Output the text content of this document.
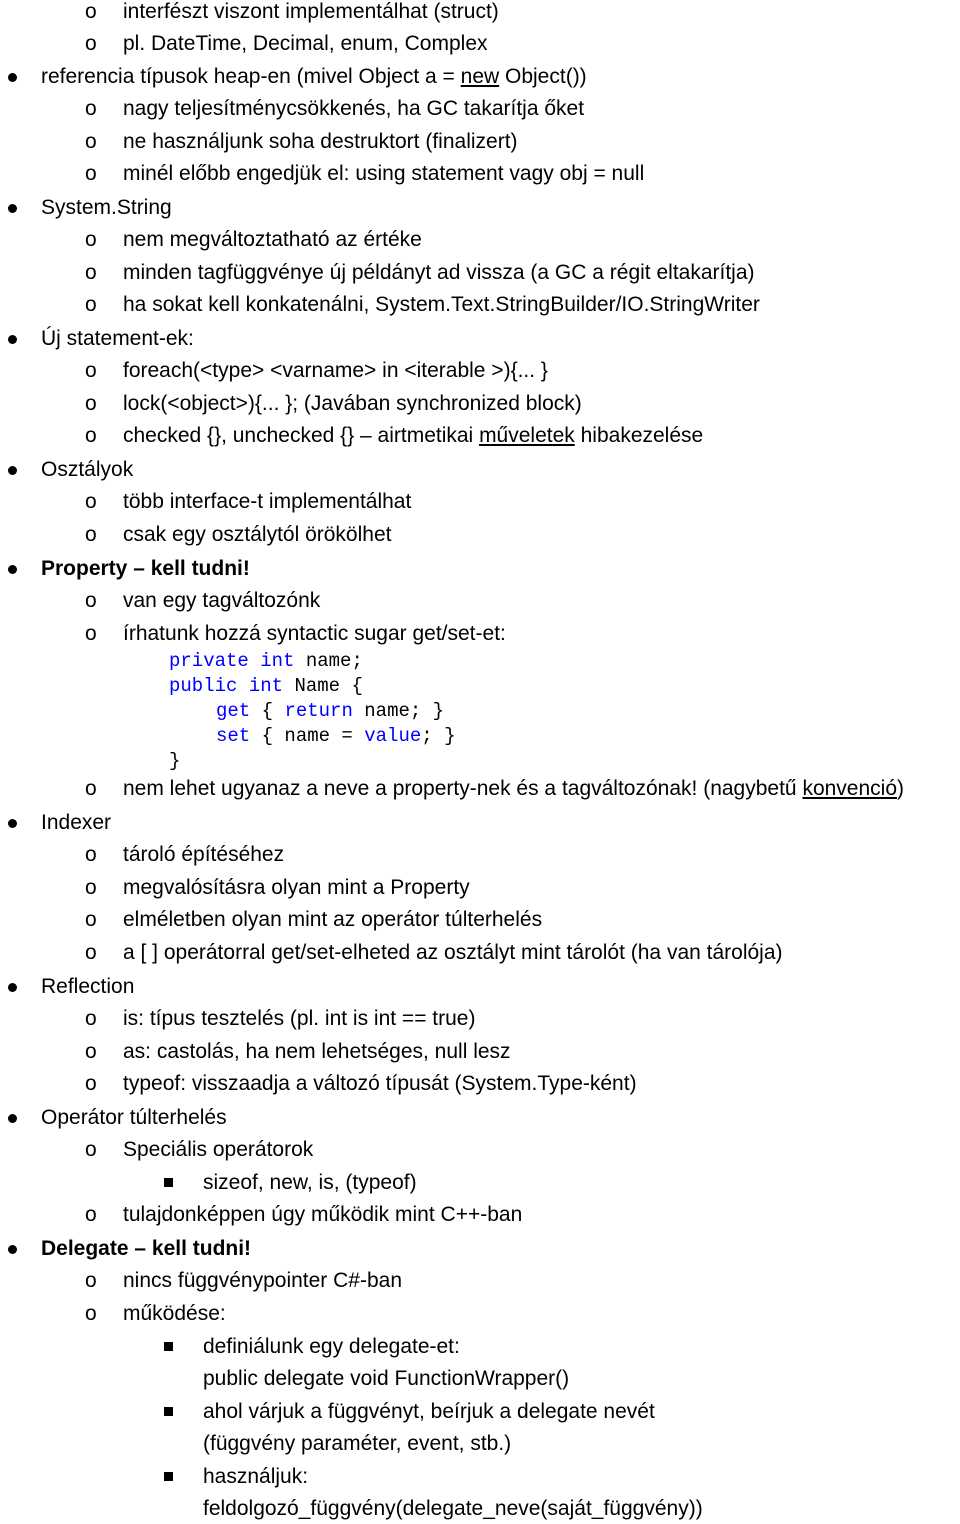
o interfészt viszont implementálhat (struct)
o pl. DateTime, Decimal, enum, Complex
referencia típusok heap-en (mivel Object a = new Object())
o nagy teljesítménycsökkenés, ha GC takarítja őket
o ne használjunk soha destruktort (finalizert)
o minél előbb engedjük el: using statement vagy obj = null
System.String
o nem megváltoztatható az értéke
o minden tagfüggvénye új példányt ad vissza (a GC a régit eltakarítja)
o ha sokat kell konkatenálni, System.Text.StringBuilder/IO.StringWriter
Új statement-ek:
o foreach(<type> <varname> in <iterable >){... }
o lock(<object>){... }; (Javában synchronized block)
o checked {}, unchecked {} – airtmetikai műveletek hibakezelése
Osztályok
o több interface-t implementálhat
o csak egy osztálytól örökölhet
Property – kell tudni!
o van egy tagváltozónk
o írhatunk hozzá syntactic sugar get/set-et:
private int name;
public int Name {
get { return name; }
set { name = value; }
}
o nem lehet ugyanaz a neve a property-nek és a tagváltozónak! (nagybetű konvenció)
Indexer
o tároló építéséhez
o megvalósításra olyan mint a Property
o elméletben olyan mint az operátor túlterhelés
o a [ ] operátorral get/set-elheted az osztályt mint tárolót (ha van tárolója)
Reflection
o is: típus tesztelés (pl. int is int == true)
o as: castolás, ha nem lehetséges, null lesz
o typeof: visszaadja a változó típusát (System.Type-ként)
Operátor túlterhelés
o Speciális operátorok
sizeof, new, is, (typeof)
o tulajdonképpen úgy működik mint C++-ban
Delegate – kell tudni!
o nincs függvénypointer C#-ban
o működése:
definiálunk egy delegate-et:
public delegate void FunctionWrapper()
ahol várjuk a függvényt, beírjuk a delegate nevét
(függvény paraméter, event, stb.)
használjuk:
feldolgozó_függvény(delegate_neve(saját_függvény))
